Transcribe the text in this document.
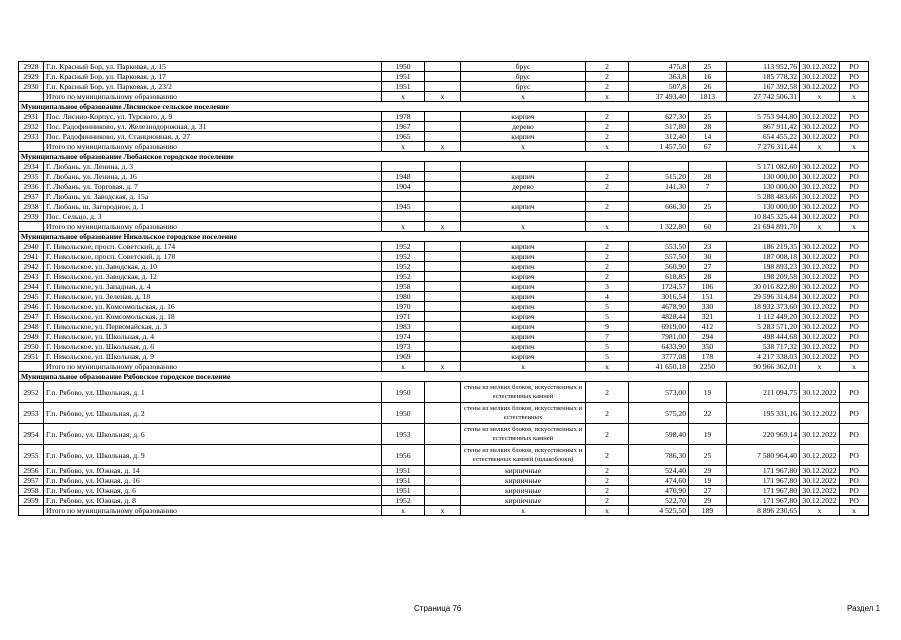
2928	Г.п. Красный Бор, ул. Парковая, д. 15	1950		брус	2	475,8	25	113 952,76	30.12.2022	РО
2929	Г.п. Красный Бор, ул. Парковая, д. 17	1951		брус	2	363,8	16	185 778,32	30.12.2022	РО
2930	Г.п. Красный Бор, ул. Парковая, д. 23/2	1951		брус	2	507,8	26	167 392,58	30.12.2022	РО
	Итого по муниципальному образованию	x	x	x	x	37 493,40	1813	27 742 506,31	x	x
Муниципальное образование Лисинское сельское поселение										
2931	Пос. Лисино-Корпус, ул. Турского, д. 9	1978		кирпич	2	627,30	25	5 753 944,80	30.12.2022	РО
2932	Пос. Радофинниково, ул. Железнодорожная, д. 31	1967		дерево	2	517,80	28	867 911,42	30.12.2022	РО
2933	Пос. Радофинниково, ул. Станционная, д. 27	1965		кирпич	2	312,40	14	654 455,22	30.12.2022	РО
	Итого по муниципальному образованию	x	x	x	x	1 457,50	67	7 276 311,44	x	x
Муниципальное образование Любанское городское поселение										
2934	Г. Любань, ул. Ленина, д. 3							5 171 082,60	30.12.2022	РО
2935	Г. Любань, ул. Ленина, д. 16	1948		кирпич	2	515,20	28	130 000,00	30.12.2022	РО
2936	Г. Любань, ул. Торговая, д. 7	1904		дерево	2	141,30	7	130 000,00	30.12.2022	РО
2937	Г. Любань, ул. Заводская, д. 15а							5 288 483,66	30.12.2022	РО
2938	Г. Любань, ш. Загородное, д. 1	1945		кирпич	2	666,30	25	130 000,00	30.12.2022	РО
2939	Пос. Сельцо, д. 3							10 845 325,44	30.12.2022	РО
	Итого по муниципальному образованию	x	x	x	x	1 322,80	60	21 694 891,70	x	x
Муниципальное образование Никольское городское поселение										
2940	Г. Никольское, просп. Советский, д. 174	1952		кирпич	2	553,50	23	186 219,35	30.12.2022	РО
2941	Г. Никольское, просп. Советский, д. 178	1952		кирпич	2	557,50	30	187 008,18	30.12.2022	РО
2942	Г. Никольское, ул. Заводская, д. 10	1952		кирпич	2	560,90	27	198 893,23	30.12.2022	РО
2943	Г. Никольское, ул. Заводская, д. 12	1952		кирпич	2	618,85	28	198 209,58	30.12.2022	РО
2944	Г. Никольское, ул. Западная, д. 4	1958		кирпич	3	1724,57	106	30 016 822,80	30.12.2022	РО
2945	Г. Никольское, ул. Зеленая, д. 18	1980		кирпич	4	3016,54	151	29 596 314,84	30.12.2022	РО
2946	Г. Никольское, ул. Комсомольская, д. 16	1970		кирпич	5	4678,90	330	18 932 373,60	30.12.2022	РО
2947	Г. Никольское, ул. Комсомольская, д. 18	1971		кирпич	5	4828,44	321	1 112 449,20	30.12.2022	РО
2948	Г. Никольское, ул. Первомайская, д. 3	1983		кирпич	9	6919,00	412	5 283 571,20	30.12.2022	РО
2949	Г. Никольское, ул. Школьная, д. 4	1974		кирпич	7	7981,00	294	498 444,68	30.12.2022	РО
2950	Г. Никольское, ул. Школьная, д. 6	1973		кирпич	5	6433,90	350	538 717,32	30.12.2022	РО
2951	Г. Никольское, ул. Школьная, д. 9	1969		кирпич	5	3777,08	178	4 217 338,03	30.12.2022	РО
	Итого по муниципальному образованию	x	x	x	x	41 650,18	2250	90 966 362,01	x	x
Муниципальное образование Рябовское городское поселение										
2952	Г.п. Рябово, ул. Школьная, д. 1	1950		стены из мелких блоков, искусственных и естественных камней	2	573,00	19	211 094,75	30.12.2022	РО
2953	Г.п. Рябово, ул. Школьная, д. 2	1950		стены из мелких блоков, искусственных и естественных	2	575,20	22	195 331,16	30.12.2022	РО
2954	Г.п. Рябово, ул. Школьная, д. 6	1953		стены из мелких блоков, искусственных и естественных камней	2	598,40	19	220 969,14	30.12.2022	РО
2955	Г.п. Рябово, ул. Школьная, д. 9	1956		стены из мелких блоков, искусственных и естественных камней (шлакоблоки)	2	786,30	25	7 580 964,40	30.12.2022	РО
2956	Г.п. Рябово, ул. Южная, д. 14	1951		кирпичные	2	524,40	29	171 967,80	30.12.2022	РО
2957	Г.п. Рябово, ул. Южная, д. 16	1951		кирпичные	2	474,60	19	171 967,80	30.12.2022	РО
2958	Г.п. Рябово, ул. Южная, д. 6	1951		кирпичные	2	470,90	27	171 967,80	30.12.2022	РО
2959	Г.п. Рябово, ул. Южная, д. 8	1952		кирпичные	2	522,70	29	171 967,80	30.12.2022	РО
	Итого по муниципальному образованию	x	x	x	x	4 525,50	189	8 896 230,65	x	x
Страница 76	Раздел 1
